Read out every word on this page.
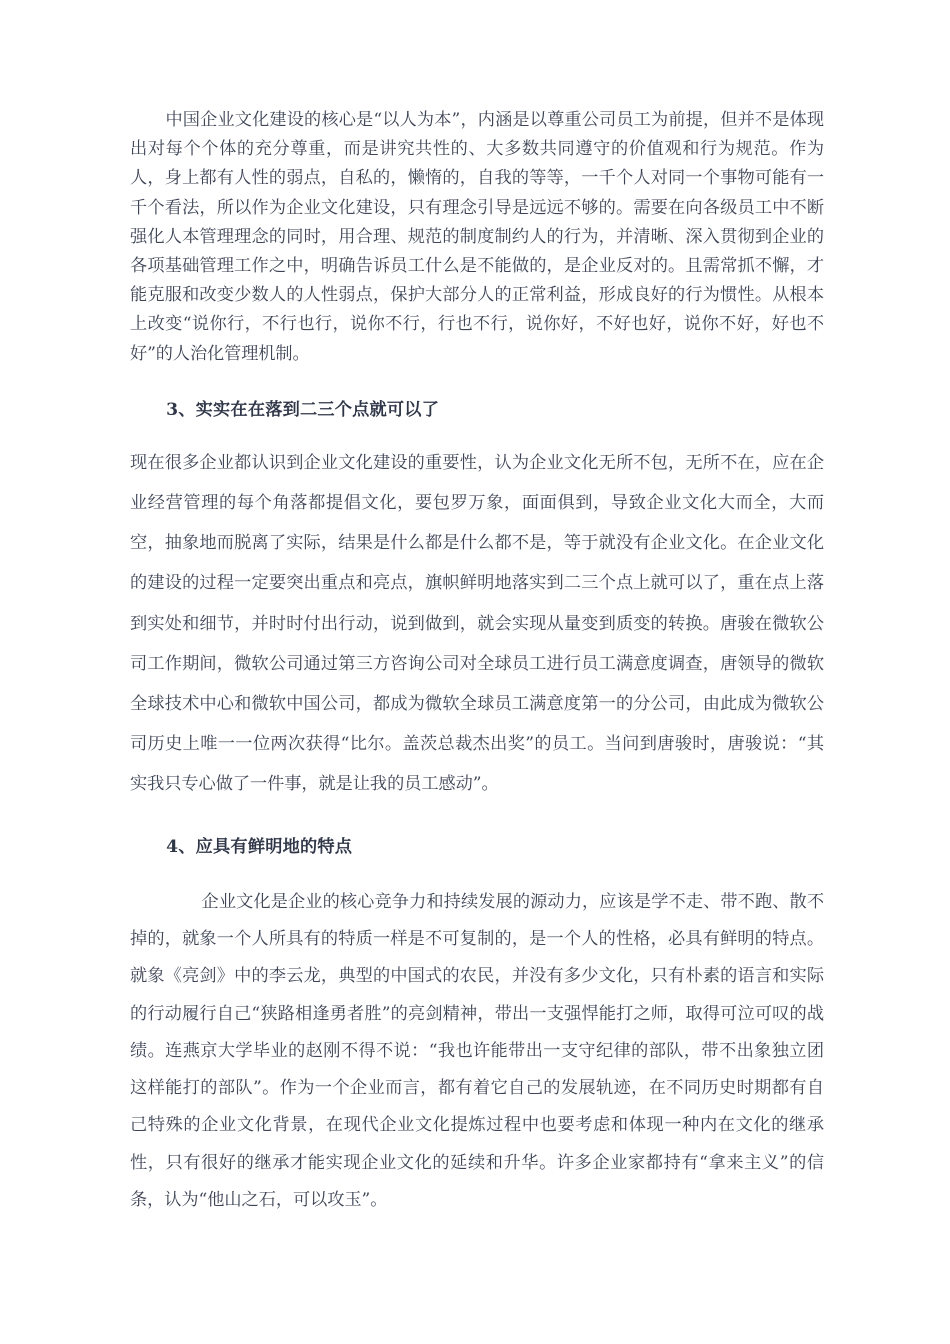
中国企业文化建设的核心是“以人为本”，内涵是以尊重公司员工为前提，但并不是体现出对每个个体的充分尊重，而是讲究共性的、大多数共同遵守的价值观和行为规范。作为人，身上都有人性的弱点，自私的，懒惰的，自我的等等，一千个人对同一个事物可能有一千个看法，所以作为企业文化建设，只有理念引导是远远不够的。需要在向各级员工中不断强化人本管理理念的同时，用合理、规范的制度制约人的行为，并清晰、深入贯彻到企业的各项基础管理工作之中，明确告诉员工什么是不能做的，是企业反对的。且需常抓不懈，才能克服和改变少数人的人性弱点，保护大部分人的正常利益，形成良好的行为惯性。从根本上改变“说你行，不行也行，说你不行，行也不行，说你好，不好也好，说你不好，好也不好”的人治化管理机制。

3、实实在在落到二三个点就可以了

现在很多企业都认识到企业文化建设的重要性，认为企业文化无所不包，无所不在，应在企业经营管理的每个角落都提倡文化，要包罗万象，面面俱到，导致企业文化大而全，大而空，抽象地而脱离了实际，结果是什么都是什么都不是，等于就没有企业文化。在企业文化的建设的过程一定要突出重点和亮点，旗帜鲜明地落实到二三个点上就可以了，重在点上落到实处和细节，并时时付出行动，说到做到，就会实现从量变到质变的转换。唐骏在微软公司工作期间，微软公司通过第三方咨询公司对全球员工进行员工满意度调查，唐领导的微软全球技术中心和微软中国公司，都成为微软全球员工满意度第一的分公司，由此成为微软公司历史上唯一一位两次获得“比尔。盖茨总裁杰出奖”的员工。当问到唐骏时，唐骏说：“其实我只专心做了一件事，就是让我的员工感动”。

4、应具有鲜明地的特点

企业文化是企业的核心竞争力和持续发展的源动力，应该是学不走、带不跑、散不掉的，就象一个人所具有的特质一样是不可复制的，是一个人的性格，必具有鲜明的特点。就象《亮剑》中的李云龙，典型的中国式的农民，并没有多少文化，只有朴素的语言和实际的行动履行自己“狭路相逢勇者胜”的亮剑精神，带出一支强悍能打之师，取得可泣可叹的战绩。连燕京大学毕业的赵刚不得不说：“我也许能带出一支守纪律的部队，带不出象独立团这样能打的部队”。作为一个企业而言，都有着它自己的发展轨迹，在不同历史时期都有自己特殊的企业文化背景，在现代企业文化提炼过程中也要考虑和体现一种内在文化的继承性，只有很好的继承才能实现企业文化的延续和升华。许多企业家都持有“拿来主义”的信条，认为“他山之石，可以攻玉”。
